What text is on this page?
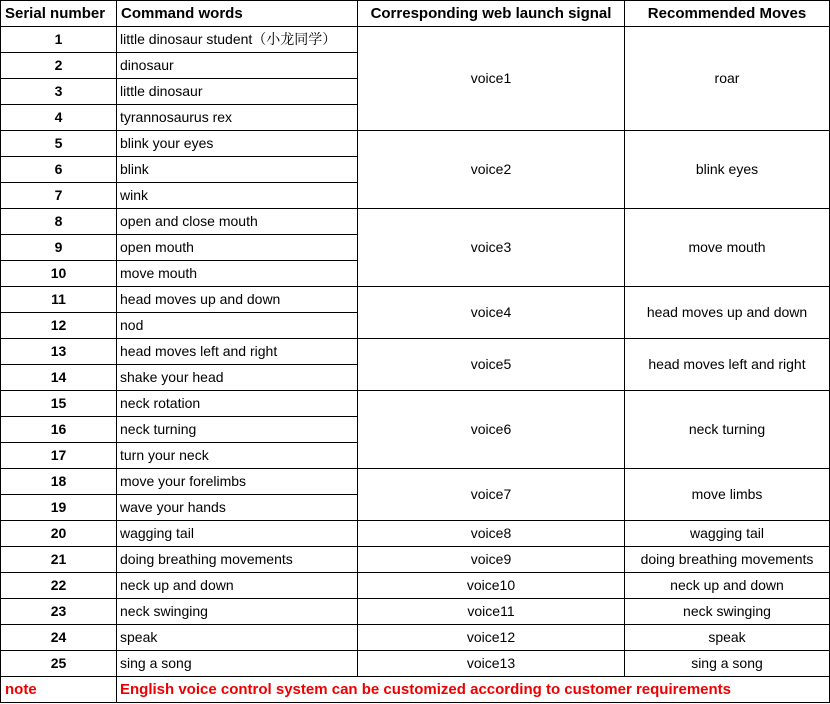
Serial number	Command words	Corresponding web launch signal	Recommended Moves
1	little dinosaur student（小龙同学）	voice1	roar
2	dinosaur		
3	little dinosaur		
4	tyrannosaurus rex		
5	blink your eyes	voice2	blink eyes
6	blink		
7	wink		
8	open and close mouth	voice3	move mouth
9	open mouth		
10	move mouth		
11	head moves up and down	voice4	head moves up and down
12	nod		
13	head moves left and right	voice5	head moves left and right
14	shake your head		
15	neck rotation	voice6	neck turning
16	neck turning		
17	turn your neck		
18	move your forelimbs	voice7	move limbs
19	wave your hands		
20	wagging tail	voice8	wagging tail
21	doing breathing movements	voice9	doing breathing movements
22	neck up and down	voice10	neck up and down
23	neck swinging	voice11	neck swinging
24	speak	voice12	speak
25	sing a song	voice13	sing a song
note	English voice control system can be customized according to customer requirements		
